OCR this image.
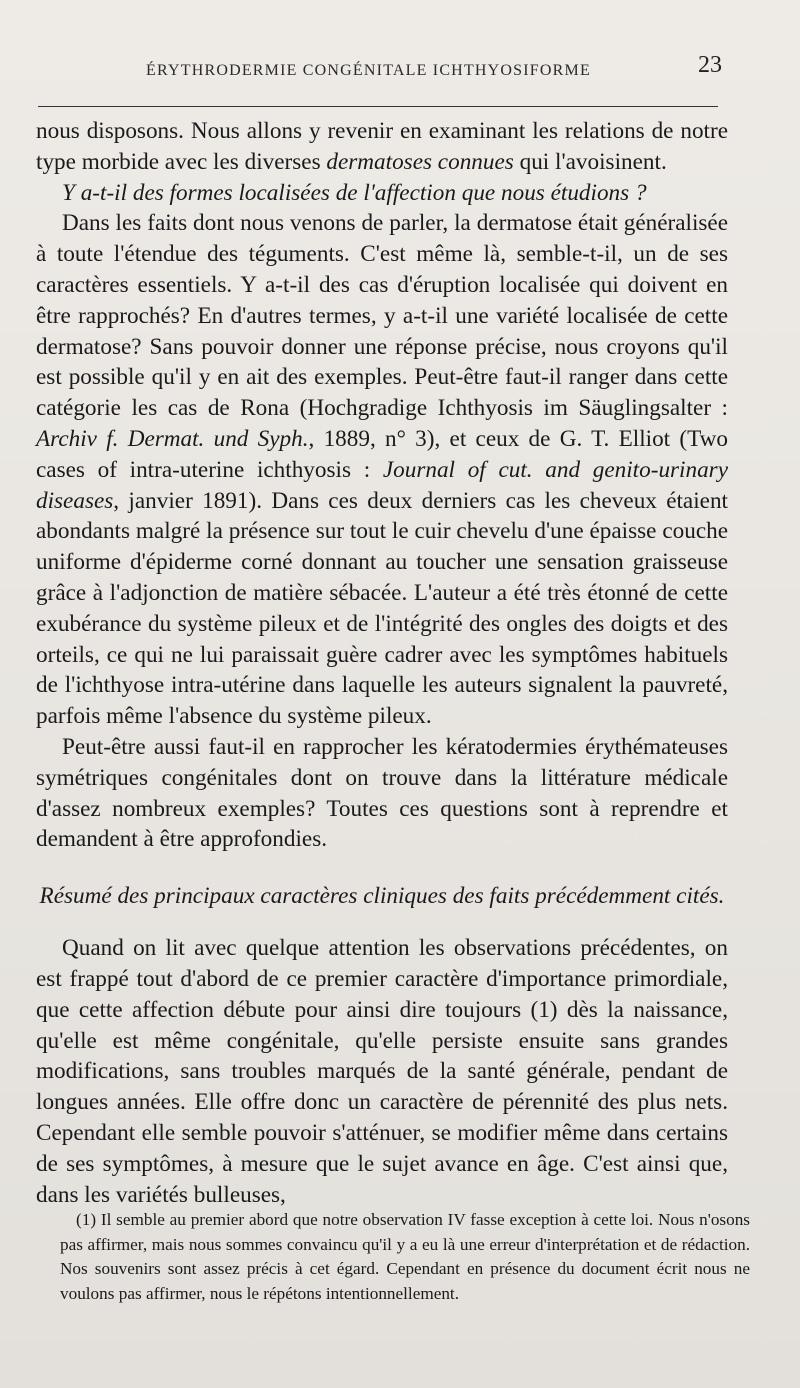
ÉRYTHRODERMIE CONGÉNITALE ICHTHYOSIFORME	23

nous disposons. Nous allons y revenir en examinant les relations de notre type morbide avec les diverses dermatoses connues qui l'avoisinent.

Y a-t-il des formes localisées de l'affection que nous étudions ?

Dans les faits dont nous venons de parler, la dermatose était généralisée à toute l'étendue des téguments. C'est même là, semble-t-il, un de ses caractères essentiels. Y a-t-il des cas d'éruption localisée qui doivent en être rapprochés? En d'autres termes, y a-t-il une variété localisée de cette dermatose? Sans pouvoir donner une réponse précise, nous croyons qu'il est possible qu'il y en ait des exemples. Peut-être faut-il ranger dans cette catégorie les cas de Rona (Hochgradige Ichthyosis im Säuglingsalter : Archiv f. Dermat. und Syph., 1889, n° 3), et ceux de G. T. Elliot (Two cases of intra-uterine ichthyosis : Journal of cut. and genito-urinary diseases, janvier 1891). Dans ces deux derniers cas les cheveux étaient abondants malgré la présence sur tout le cuir chevelu d'une épaisse couche uniforme d'épiderme corné donnant au toucher une sensation graisseuse grâce à l'adjonction de matière sébacée. L'auteur a été très étonné de cette exubérance du système pileux et de l'intégrité des ongles des doigts et des orteils, ce qui ne lui paraissait guère cadrer avec les symptômes habituels de l'ichthyose intra-utérine dans laquelle les auteurs signalent la pauvreté, parfois même l'absence du système pileux.

Peut-être aussi faut-il en rapprocher les kératodermies érythémateuses symétriques congénitales dont on trouve dans la littérature médicale d'assez nombreux exemples? Toutes ces questions sont à reprendre et demandent à être approfondies.

Résumé des principaux caractères cliniques des faits précédemment cités.

Quand on lit avec quelque attention les observations précédentes, on est frappé tout d'abord de ce premier caractère d'importance primordiale, que cette affection débute pour ainsi dire toujours (1) dès la naissance, qu'elle est même congénitale, qu'elle persiste ensuite sans grandes modifications, sans troubles marqués de la santé générale, pendant de longues années. Elle offre donc un caractère de pérennité des plus nets. Cependant elle semble pouvoir s'atténuer, se modifier même dans certains de ses symptômes, à mesure que le sujet avance en âge. C'est ainsi que, dans les variétés bulleuses,

(1) Il semble au premier abord que notre observation IV fasse exception à cette loi. Nous n'osons pas affirmer, mais nous sommes convaincu qu'il y a eu là une erreur d'interprétation et de rédaction. Nos souvenirs sont assez précis à cet égard. Cependant en présence du document écrit nous ne voulons pas affirmer, nous le répétons intentionnellement.
